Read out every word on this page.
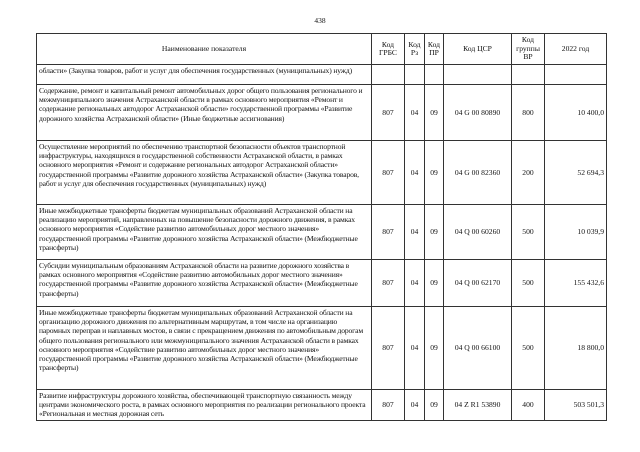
438
Наименование показателя	Код ГРБС	Код Рз	Код ПР	Код ЦСР	Код группы ВР	2022 год
области» (Закупка товаров, работ и услуг для обеспечения государственных (муниципальных) нужд)						
Содержание, ремонт и капитальный ремонт автомобильных дорог общего пользования регионального и межмуниципального значения Астраханской области в рамках основного мероприятия «Ремонт и содержание региональных автодорог Астраханской области» государственной программы «Развитие дорожного хозяйства Астраханской области» (Иные бюджетные ассигнования)	807	04	09	04 G 00 80890	800	10 400,0
Осуществление мероприятий по обеспечению транспортной безопасности объектов транспортной инфраструктуры, находящихся в государственной собственности Астраханской области, в рамках основного мероприятия «Ремонт и содержание региональных автодорог Астраханской области» государственной программы «Развитие дорожного хозяйства Астраханской области» (Закупка товаров, работ и услуг для обеспечения государственных (муниципальных) нужд)	807	04	09	04 G 00 82360	200	52 694,3
Иные межбюджетные трансферты бюджетам муниципальных образований Астраханской области на реализацию мероприятий, направленных на повышение безопасности дорожного движения, в рамках основного мероприятия «Содействие развитию автомобильных дорог местного значения» государственной программы «Развитие дорожного хозяйства Астраханской области» (Межбюджетные трансферты)	807	04	09	04 Q 00 60260	500	10 039,9
Субсидии муниципальным образованиям Астраханской области на развитие дорожного хозяйства в рамках основного мероприятия «Содействие развитию автомобильных дорог местного значения» государственной программы «Развитие дорожного хозяйства Астраханской области» (Межбюджетные трансферты)	807	04	09	04 Q 00 62170	500	155 432,6
Иные межбюджетные трансферты бюджетам муниципальных образований Астраханской области на организацию дорожного движения по альтернативным маршрутам, в том числе на организацию паромных переправ и наплавных мостов, в связи с прекращением движения по автомобильным дорогам общего пользования регионального или межмуниципального значения Астраханской области в рамках основного мероприятия «Содействие развитию автомобильных дорог местного значения» государственной программы «Развитие дорожного хозяйства Астраханской области» (Межбюджетные трансферты)	807	04	09	04 Q 00 66100	500	18 800,0
Развитие инфраструктуры дорожного хозяйства, обеспечивающей транспортную связанность между центрами экономического роста, в рамках основного мероприятия по реализации регионального проекта «Региональная и местная дорожная сеть	807	04	09	04 Z R1 53890	400	503 501,3
